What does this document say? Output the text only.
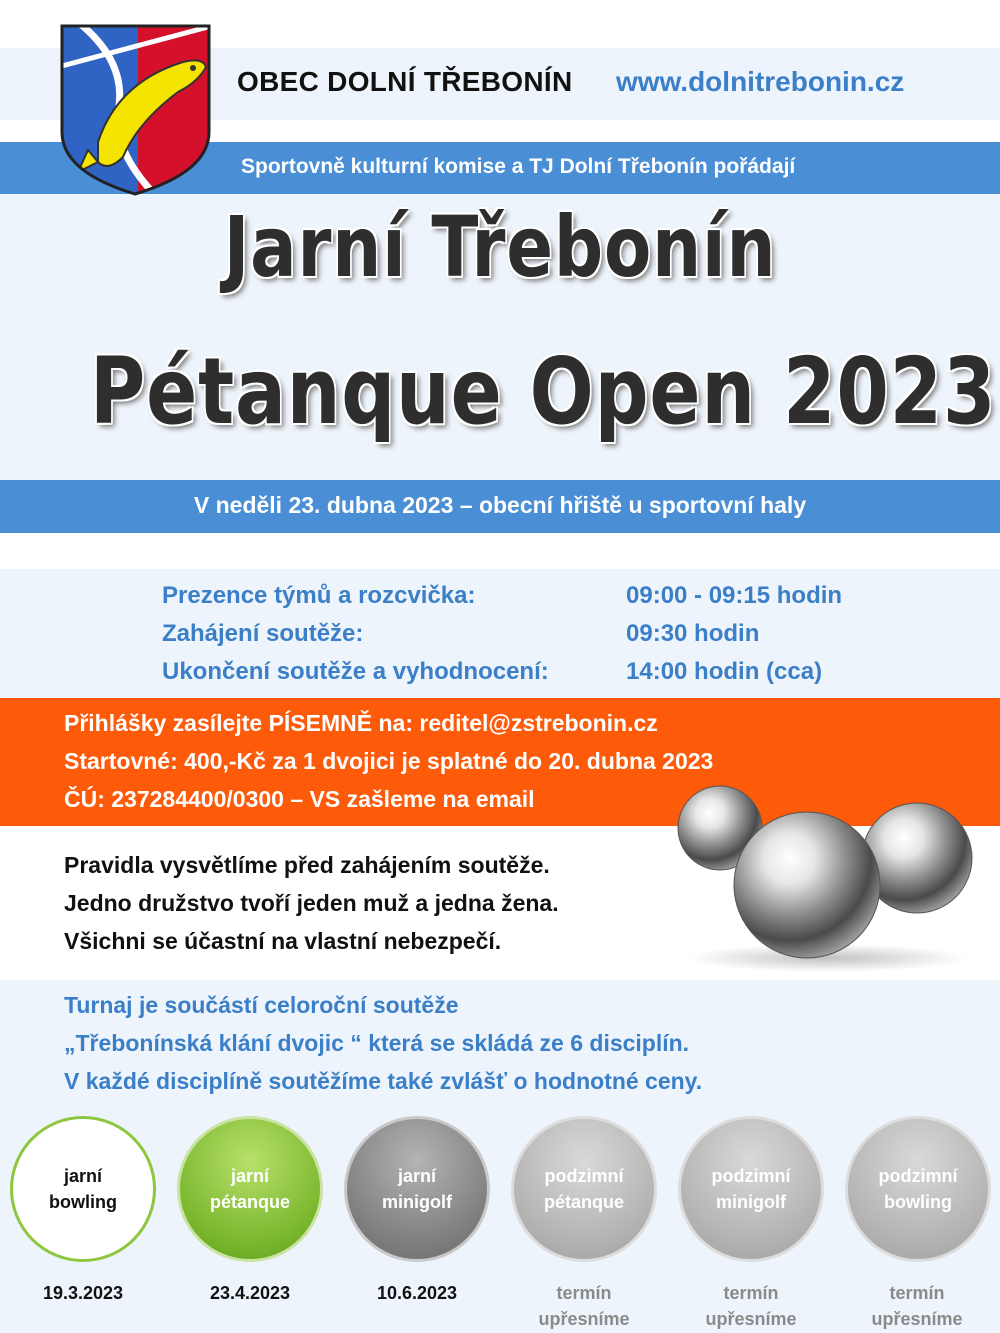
OBEC DOLNÍ TŘEBONÍN www.dolnitrebonin.cz
Sportovně kulturní komise a TJ Dolní Třebonín pořádají
Jarní Třebonín
Pétanque Open 2023
V neděli 23. dubna 2023 – obecní hřiště u sportovní haly
Prezence týmů a rozcvička:	09:00 - 09:15 hodin
Zahájení soutěže:	09:30 hodin
Ukončení soutěže a vyhodnocení:	14:00 hodin (cca)
Přihlášky zasílejte PÍSEMNĚ na: reditel@zstrebonin.cz
Startovné: 400,-Kč za 1 dvojici je splatné do 20. dubna 2023
ČÚ: 237284400/0300 – VS zašleme na email
Pravidla vysvětlíme před zahájením soutěže.
Jedno družstvo tvoří jeden muž a jedna žena.
Všichni se účastní na vlastní nebezpečí.
Turnaj je součástí celoroční soutěže
„Třebonínská klání dvojic “ která se skládá ze 6 disciplín.
V každé disciplíně soutěžíme také zvlášť o hodnotné ceny.
jarní
bowling
jarní
pétanque
jarní
minigolf
podzimní
pétanque
podzimní
minigolf
podzimní
bowling
19.3.2023	23.4.2023	10.6.2023	termín
upřesníme
termín
upřesníme
termín
upřesníme
